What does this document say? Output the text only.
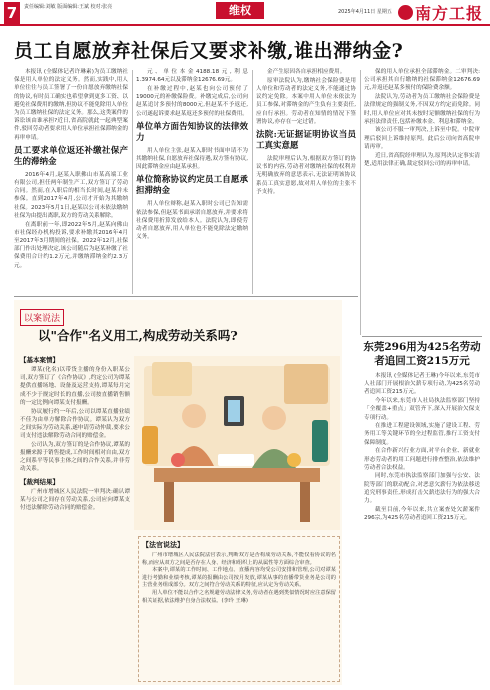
7	责任编辑:刘敏 版面编辑:王斌 校对:张亮	维权	2025年4月11日 星期五	南方工报
员工自愿放弃社保后又要求补缴,谁出滞纳金?

本报讯 (全媒体记者许琳素)为员工缴纳社保是用人单位的法定义务。然而,实践中,用人单位往往与员工签署了一份自愿放弃缴纳社保的协议,有时员工确实也希望拿到更多工资、以避免社保费用的缴纳,但协议不能免除用人单位为员工缴纳社保的法定义务。那么,这类案件的诉讼该由谁承担?近日,省高院就此一起典型案件,驳回劳动者要求用人单位承担社保滞纳金的再审申请。

员工要求单位返还补缴社保产生的滞纳金

2016年4月,赵某入职佛山市某高端工业有限公司,担任两年制生产工,双方签订了劳动合同。然而,在入职后的相当长时间,赵某并未参保。直到2017年4月,公司才开始为其缴纳社保。2023年5月1日,赵某以公司未依法缴纳社保为由提出离职,双方的劳动关系解除。

在离职前一年,即2022年5月,赵某向佛山市社保经办机构投诉,要求补缴其2016年4月至2017年3月期间的社保。2022年12月,社保部门作出处理决定,该公司随后为赵某补缴了社保费用合计约1.2万元,并缴纳滞纳金约2.3万元。

元、单位本金4188.18元,利息1.3974.64元以及滞纳金12676.69元。

在补缴过程中,赵某也向公司预付了19000元的补缴保险费。补缴完成后,公司向赵某追讨多预付的8000元,但赵某不予返还,公司遂起诉要求赵某返还多预付的社保费用。

单位单方面告知协议的法律效力

用人单位主张,赵某入职时书面申请不为其缴纳社保,自愿放弃社保待遇,双方签有协议,因此滞纳金应由赵某承担。

单位简称协议约定员工自愿承担滞纳金

用人单位辩称,赵某入职时公司已告知需依法参保,但赵某书面承诺自愿放弃,并要求将社保费用折算发放给本人。法院认为,即使劳动者自愿放弃,用人单位也不能免除法定缴纳义务。

金产生原因各自承担相应费用。

原审法院认为,缴纳社会保险费是用人单位和劳动者的法定义务,不能通过协议约定免除。本案中用人单位未依法为员工参保,对滞纳金的产生负有主要责任,应自行承担。劳动者在知情的情况下签署协议,亦存在一定过错。

法院:无证据证明协议当员工真实意愿

法院审理后认为,根据双方签订的协议书的内容,劳动者对缴纳社保的权利并无明确放弃的意思表示,无法证明该协议系员工真实意愿,故对用人单位的主张不予支持。

保的用人单位承担全部滞纳金。二审判决:公司承担其自行缴纳的社保滞纳金12676.69元,并返还赵某多预付的保险费余额。

法院认为,劳动者为员工缴纳社会保险费是法律规定的强制义务,不因双方约定而免除。同时,用人单位应对其未按时足额缴纳社保的行为承担法律责任,包括补缴本金、利息和滞纳金。

该公司不服一审判决,上诉至中院。中院审理后驳回上诉维持原判。此后公司向省高院申请再审。

近日,省高院经审理认为,原判决认定事实清楚,适用法律正确,裁定驳回公司的再审申请。

以案说法
以"合作"名义用工,构成劳动关系吗?
【基本案情】

谭某(化名)以带货主播的身份入职某公司,双方签订了《合作协议》,约定公司为谭某提供直播场地、设备及运营支持,谭某每月完成不少于规定时长的直播,公司按直播销售额的一定比例向谭某支付报酬。

协议履行约一年后,公司以谭某直播业绩不佳为由单方解除合作协议。谭某认为双方之间实际为劳动关系,遂申请劳动仲裁,要求公司支付违法解除劳动合同的赔偿金。

公司认为,双方签订的是合作协议,谭某的报酬来源于销售提成,工作时间相对自由,双方之间系平等民事主体之间的合作关系,并非劳动关系。

【裁判结果】

广州市增城区人民法院一审判决:确认谭某与公司之间存在劳动关系,公司应向谭某支付违法解除劳动合同的赔偿金。

【法官说法】

广州市增城区人民法院法官表示,判断双方是否构成劳动关系,不能仅看协议的名称,而应从双方之间是否存在人身、经济和组织上的从属性等方面综合审查。

本案中,谭某的工作时间、工作地点、直播内容均受公司安排和管理,公司对谭某进行考勤和业绩考核,谭某的报酬由公司按月发放,谭某从事的直播带货业务是公司的主营业务组成部分。双方之间符合劳动关系的特征,应认定为劳动关系。

用人单位不能以合作之名规避劳动法律义务,劳动者在遇到类似情况时应注意保留相关证据,依法维护自身合法权益。(李玲 王琳)

东莞296用为425名劳动者追回工资215万元

本报讯 (全媒体记者王琳)今年以来,东莞市人社部门开展根治欠薪专项行动,为425名劳动者追回工资215万元。

今年以来,东莞市人社局执法监察部门坚持「全覆盖+重点」双管齐下,深入开展治欠保支专项行动。

在推进工程建设领域,实施了建设工程、劳务用工等关键环节的全过程监管,推行工资支付保障制度。

在合作新兴行业方面,对平台企业、新就业形态劳动者的用工问题进行排查整治,依法维护劳动者合法权益。

同时,东莞市执法监察部门加强与公安、法院等部门的联动配合,对恶意欠薪行为依法移送追究刑事责任,形成打击欠薪违法行为的强大合力。

截至目前,今年以来,共立案查处欠薪案件296宗,为425名劳动者追回工资215万元。
